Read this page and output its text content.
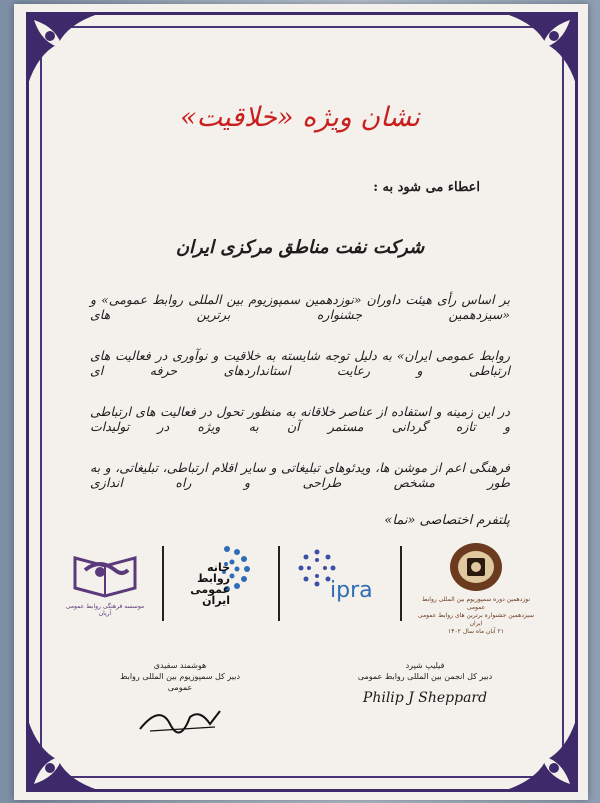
نشان ویژه «خلاقیت»
اعطاء می شود به :
شرکت نفت مناطق مرکزی ایران
بر اساس رأی هیئت داوران «نوزدهمین سمپوزیوم بین المللی روابط عمومی» و «سیزدهمین جشنواره برترین های
روابط عمومی ایران» به دلیل توجه شایسته به خلاقیت و نوآوری در فعالیت های ارتباطی و رعایت استانداردهای حرفه ای
در این زمینه و استفاده از عناصر خلاقانه به منظور تحول در فعالیت های ارتباطی و تازه گردانی مستمر آن به ویژه در تولیدات
فرهنگی اعم از موشن ها، ویدئوهای تبلیغاتی و سایر اقلام ارتباطی، تبلیغاتی، و به طور مشخص طراحی و راه اندازی
پلتفرم اختصاصی «نما»
موسسه فرهنگی روابط عمومی آریان
خانه
روابط
عمومی
ایران	ipra	نوزدهمین دوره سمپوزیوم بین المللی روابط عمومی
سیزدهمین جشنواره برترین های روابط عمومی ایران
۲۱ آبان ماه سال ۱۴۰۲
هوشمند سفیدی
دبیر کل سمپوزیوم بین المللی روابط عمومی
فیلیپ شپرد
دبیر کل انجمن بین المللی روابط عمومی
Philip J Sheppard
